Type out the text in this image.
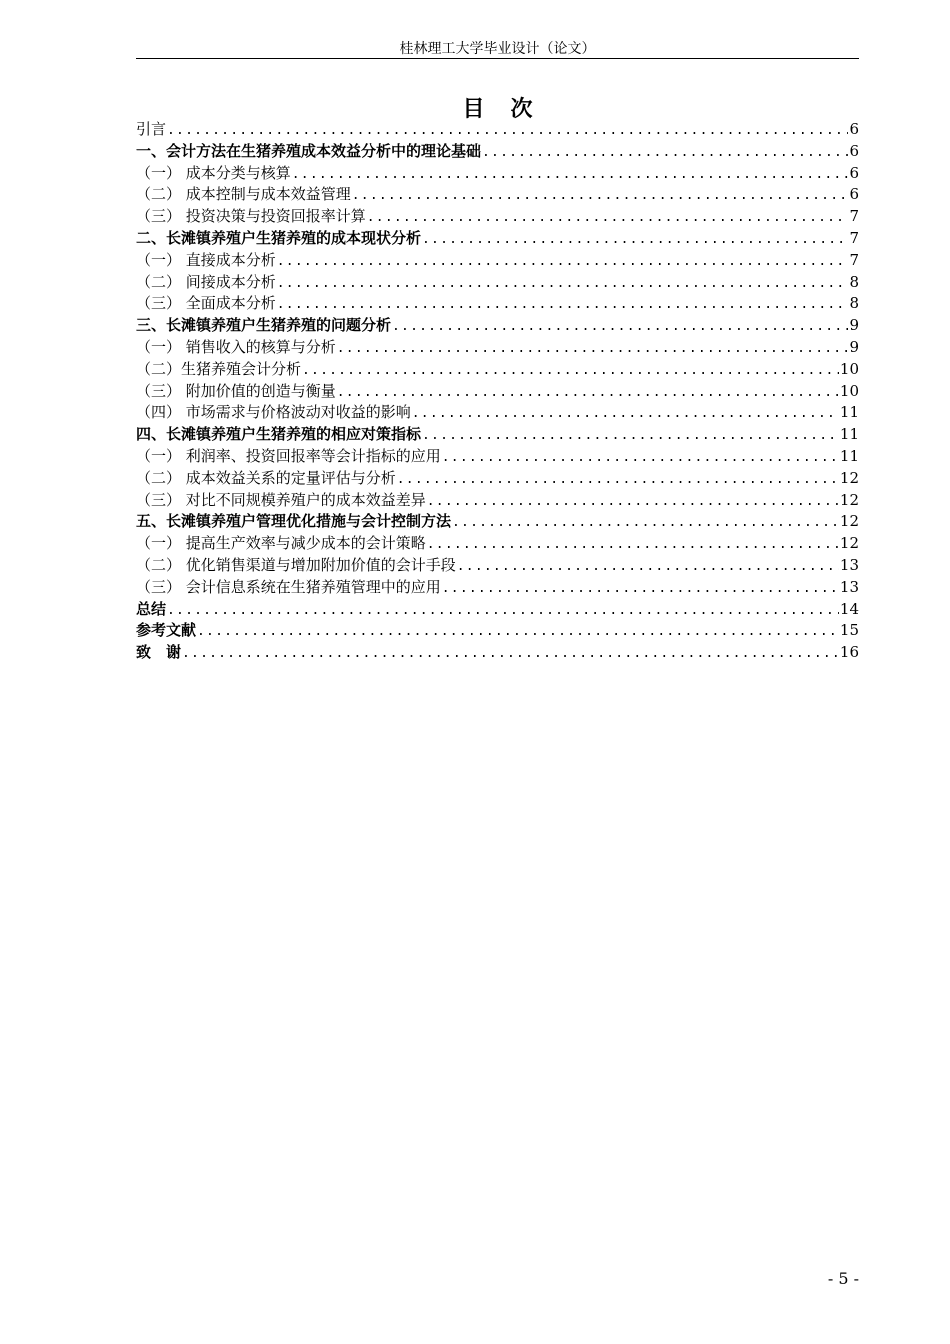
桂林理工大学毕业设计（论文）
目 次
引言 .....	6
一、会计方法在生猪养殖成本效益分析中的理论基础 .....	6
（一） 成本分类与核算 .....	6
（二） 成本控制与成本效益管理 .....	6
（三） 投资决策与投资回报率计算 .....	7
二、长滩镇养殖户生猪养殖的成本现状分析 .....	7
（一） 直接成本分析 .....	7
（二） 间接成本分析 .....	8
（三） 全面成本分析 .....	8
三、长滩镇养殖户生猪养殖的问题分析 .....	9
（一） 销售收入的核算与分析 .....	9
（二）生猪养殖会计分析 .....	10
（三） 附加价值的创造与衡量 .....	10
（四） 市场需求与价格波动对收益的影响 .....	11
四、长滩镇养殖户生猪养殖的相应对策指标 .....	11
（一） 利润率、投资回报率等会计指标的应用 .....	11
（二） 成本效益关系的定量评估与分析 .....	12
（三） 对比不同规模养殖户的成本效益差异 .....	12
五、长滩镇养殖户管理优化措施与会计控制方法 .....	12
（一） 提高生产效率与减少成本的会计策略 .....	12
（二） 优化销售渠道与增加附加价值的会计手段 .....	13
（三） 会计信息系统在生猪养殖管理中的应用 .....	13
总结 .....	14
参考文献 .....	15
致　谢 .....	16
- 5 -
